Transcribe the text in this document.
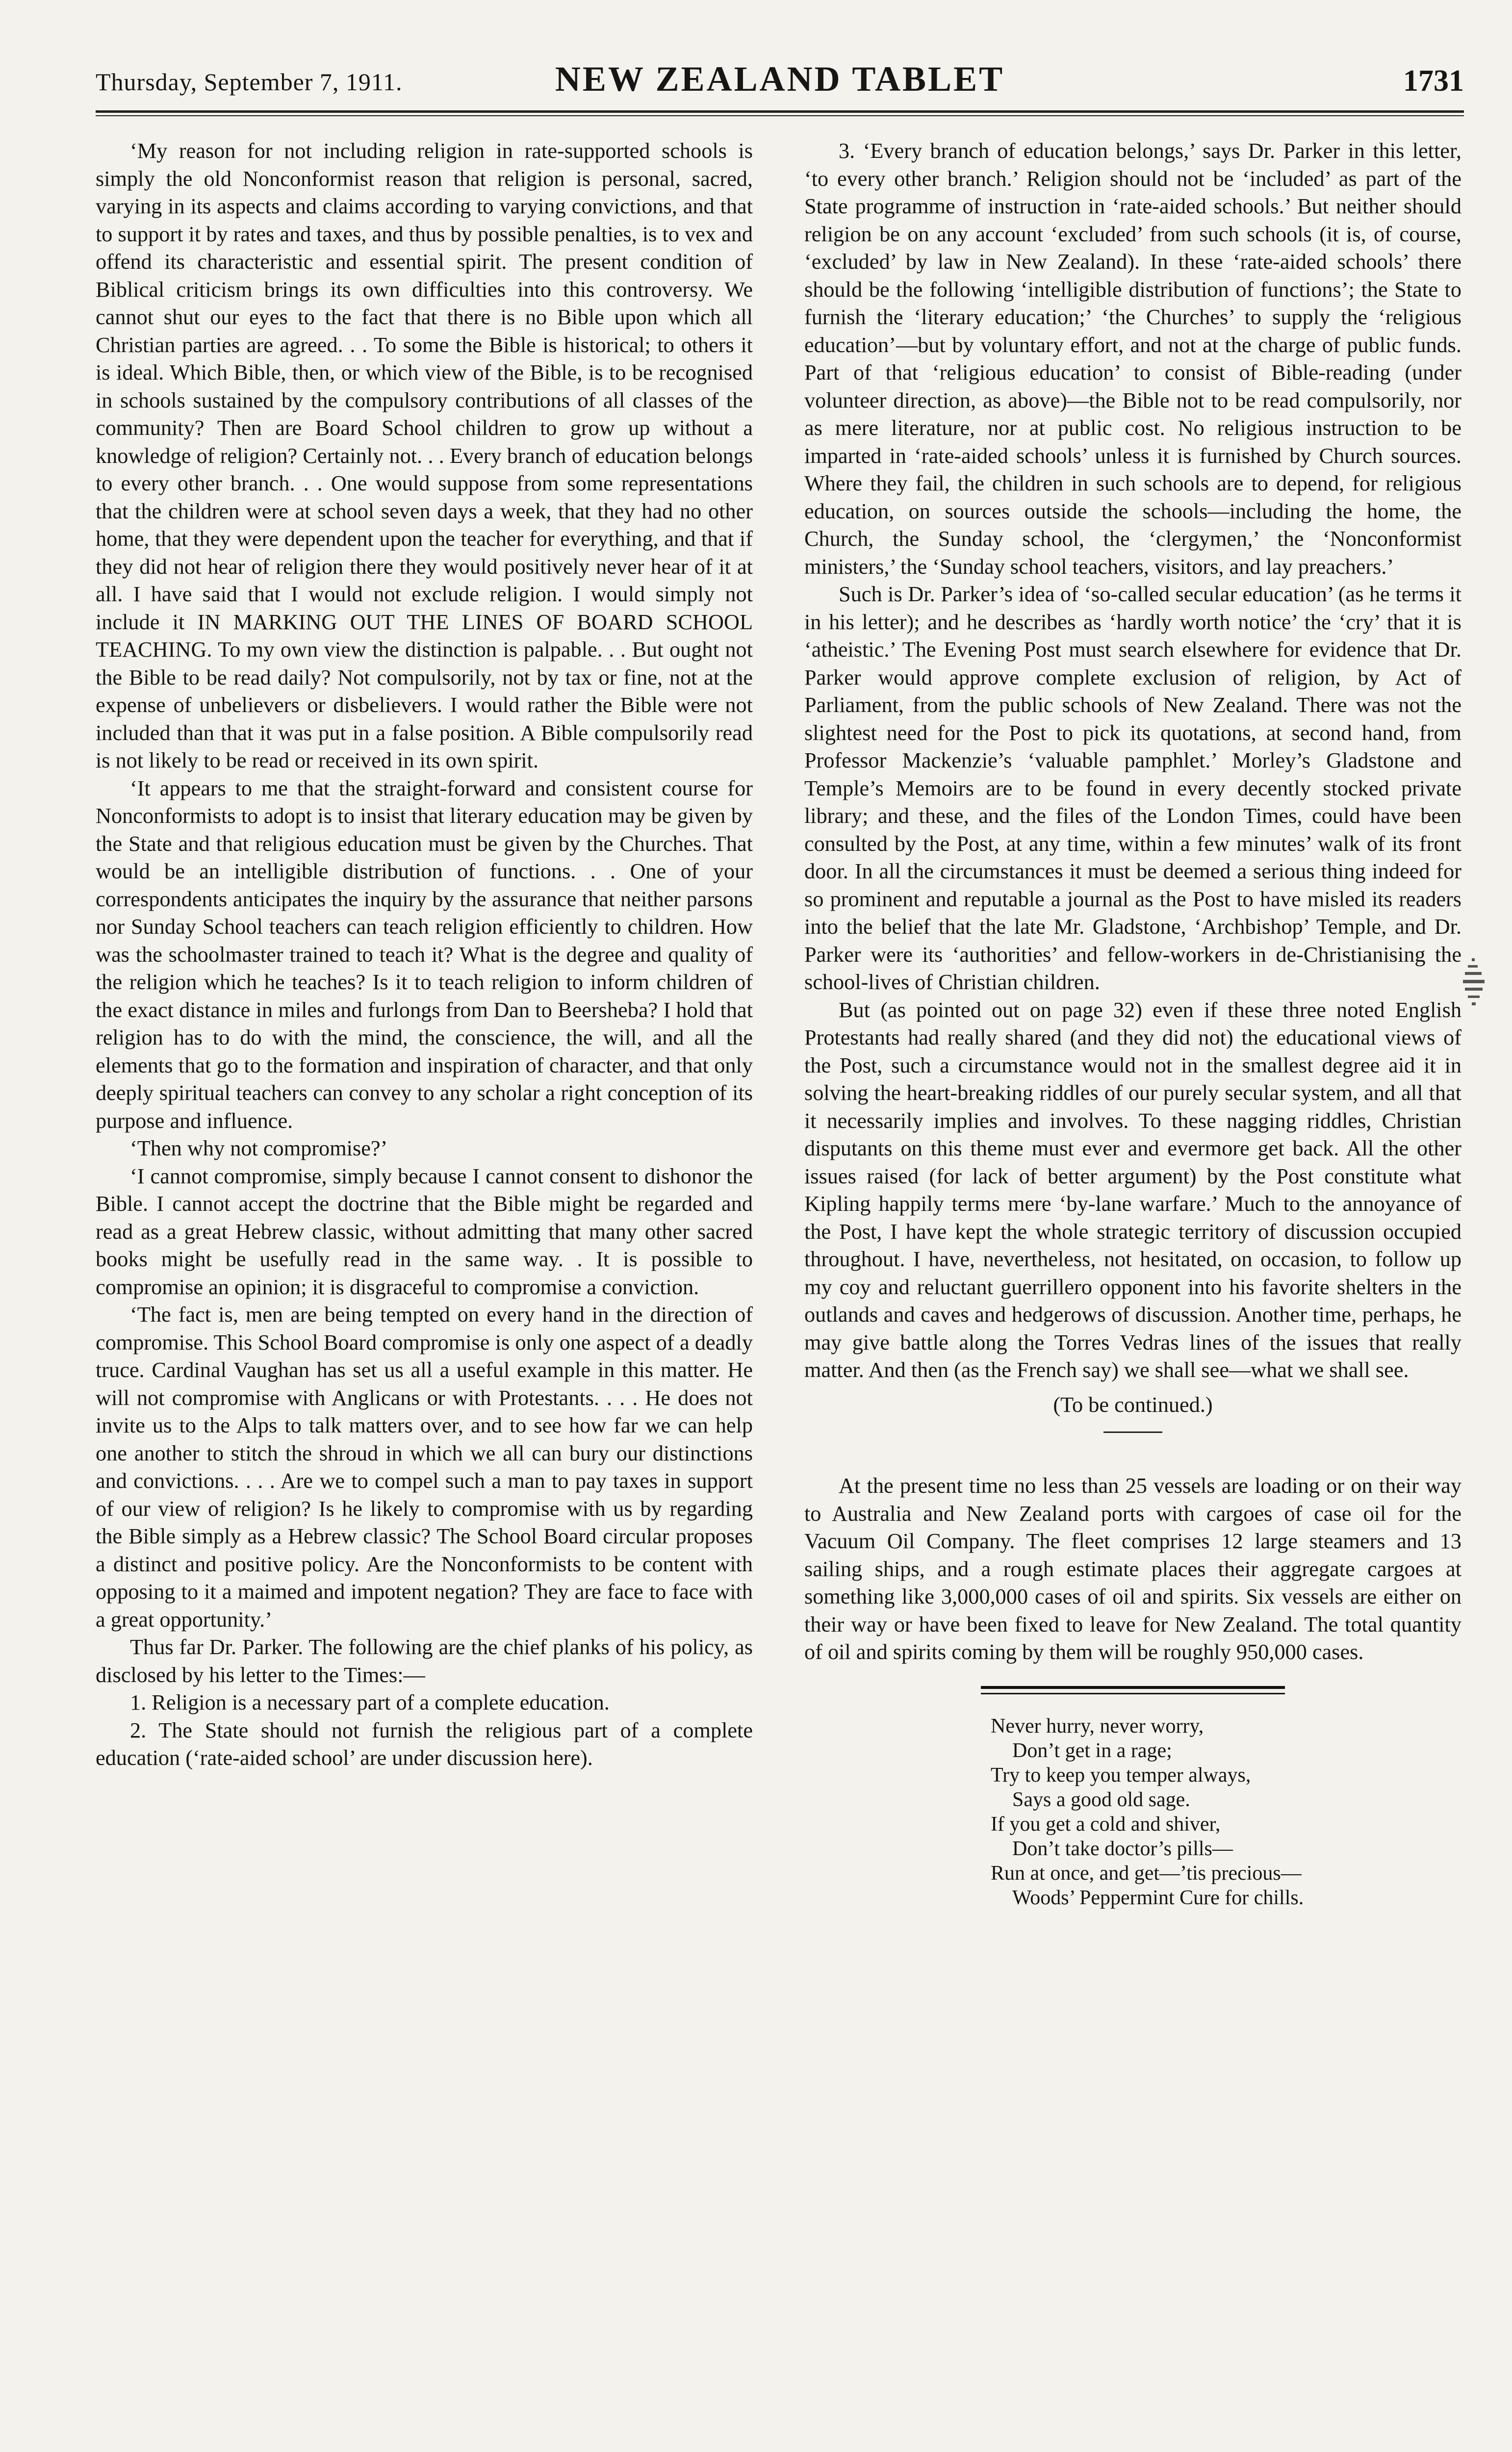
Thursday, September 7, 1911.	NEW ZEALAND TABLET	1731

‘My reason for not including religion in rate-supported schools is simply the old Nonconformist reason that religion is personal, sacred, varying in its aspects and claims according to varying convictions, and that to support it by rates and taxes, and thus by possible penalties, is to vex and offend its characteristic and essential spirit. The present condition of Biblical criticism brings its own difficulties into this controversy. We cannot shut our eyes to the fact that there is no Bible upon which all Christian parties are agreed. . . To some the Bible is historical; to others it is ideal. Which Bible, then, or which view of the Bible, is to be recognised in schools sustained by the compulsory contributions of all classes of the community? Then are Board School children to grow up without a knowledge of religion? Certainly not. . . Every branch of education belongs to every other branch. . . One would suppose from some representations that the children were at school seven days a week, that they had no other home, that they were dependent upon the teacher for everything, and that if they did not hear of religion there they would positively never hear of it at all. I have said that I would not exclude religion. I would simply not include it IN MARKING OUT THE LINES OF BOARD SCHOOL TEACHING. To my own view the distinction is palpable. . . But ought not the Bible to be read daily? Not compulsorily, not by tax or fine, not at the expense of unbelievers or disbelievers. I would rather the Bible were not included than that it was put in a false position. A Bible compulsorily read is not likely to be read or received in its own spirit.

‘It appears to me that the straight-forward and consistent course for Nonconformists to adopt is to insist that literary education may be given by the State and that religious education must be given by the Churches. That would be an intelligible distribution of functions. . . One of your correspondents anticipates the inquiry by the assurance that neither parsons nor Sunday School teachers can teach religion efficiently to children. How was the schoolmaster trained to teach it? What is the degree and quality of the religion which he teaches? Is it to teach religion to inform children of the exact distance in miles and furlongs from Dan to Beersheba? I hold that religion has to do with the mind, the conscience, the will, and all the elements that go to the formation and inspiration of character, and that only deeply spiritual teachers can convey to any scholar a right conception of its purpose and influence.

‘Then why not compromise?’

‘I cannot compromise, simply because I cannot consent to dishonor the Bible. I cannot accept the doctrine that the Bible might be regarded and read as a great Hebrew classic, without admitting that many other sacred books might be usefully read in the same way. . It is possible to compromise an opinion; it is disgraceful to compromise a conviction.

‘The fact is, men are being tempted on every hand in the direction of compromise. This School Board compromise is only one aspect of a deadly truce. Cardinal Vaughan has set us all a useful example in this matter. He will not compromise with Anglicans or with Protestants. . . . He does not invite us to the Alps to talk matters over, and to see how far we can help one another to stitch the shroud in which we all can bury our distinctions and convictions. . . . Are we to compel such a man to pay taxes in support of our view of religion? Is he likely to compromise with us by regarding the Bible simply as a Hebrew classic? The School Board circular proposes a distinct and positive policy. Are the Nonconformists to be content with opposing to it a maimed and impotent negation? They are face to face with a great opportunity.’

Thus far Dr. Parker. The following are the chief planks of his policy, as disclosed by his letter to the Times:—

1. Religion is a necessary part of a complete education.

2. The State should not furnish the religious part of a complete education (‘rate-aided school’ are under discussion here).

3. ‘Every branch of education belongs,’ says Dr. Parker in this letter, ‘to every other branch.’ Religion should not be ‘included’ as part of the State programme of instruction in ‘rate-aided schools.’ But neither should religion be on any account ‘excluded’ from such schools (it is, of course, ‘excluded’ by law in New Zealand). In these ‘rate-aided schools’ there should be the following ‘intelligible distribution of functions’; the State to furnish the ‘literary education;’ ‘the Churches’ to supply the ‘religious education’—but by voluntary effort, and not at the charge of public funds. Part of that ‘religious education’ to consist of Bible-reading (under volunteer direction, as above)—the Bible not to be read compulsorily, nor as mere literature, nor at public cost. No religious instruction to be imparted in ‘rate-aided schools’ unless it is furnished by Church sources. Where they fail, the children in such schools are to depend, for religious education, on sources outside the schools—including the home, the Church, the Sunday school, the ‘clergymen,’ the ‘Nonconformist ministers,’ the ‘Sunday school teachers, visitors, and lay preachers.’

Such is Dr. Parker’s idea of ‘so-called secular education’ (as he terms it in his letter); and he describes as ‘hardly worth notice’ the ‘cry’ that it is ‘atheistic.’ The Evening Post must search elsewhere for evidence that Dr. Parker would approve complete exclusion of religion, by Act of Parliament, from the public schools of New Zealand. There was not the slightest need for the Post to pick its quotations, at second hand, from Professor Mackenzie’s ‘valuable pamphlet.’ Morley’s Gladstone and Temple’s Memoirs are to be found in every decently stocked private library; and these, and the files of the London Times, could have been consulted by the Post, at any time, within a few minutes’ walk of its front door. In all the circumstances it must be deemed a serious thing indeed for so prominent and reputable a journal as the Post to have misled its readers into the belief that the late Mr. Gladstone, ‘Archbishop’ Temple, and Dr. Parker were its ‘authorities’ and fellow-workers in de-Christianising the school-lives of Christian children.

But (as pointed out on page 32) even if these three noted English Protestants had really shared (and they did not) the educational views of the Post, such a circumstance would not in the smallest degree aid it in solving the heart-breaking riddles of our purely secular system, and all that it necessarily implies and involves. To these nagging riddles, Christian disputants on this theme must ever and evermore get back. All the other issues raised (for lack of better argument) by the Post constitute what Kipling happily terms mere ‘by-lane warfare.’ Much to the annoyance of the Post, I have kept the whole strategic territory of discussion occupied throughout. I have, nevertheless, not hesitated, on occasion, to follow up my coy and reluctant guerrillero opponent into his favorite shelters in the outlands and caves and hedgerows of discussion. Another time, perhaps, he may give battle along the Torres Vedras lines of the issues that really matter. And then (as the French say) we shall see—what we shall see.

(To be continued.)

At the present time no less than 25 vessels are loading or on their way to Australia and New Zealand ports with cargoes of case oil for the Vacuum Oil Company. The fleet comprises 12 large steamers and 13 sailing ships, and a rough estimate places their aggregate cargoes at something like 3,000,000 cases of oil and spirits. Six vessels are either on their way or have been fixed to leave for New Zealand. The total quantity of oil and spirits coming by them will be roughly 950,000 cases.

Never hurry, never worry,
Don’t get in a rage;
Try to keep you temper always,
Says a good old sage.
If you get a cold and shiver,
Don’t take doctor’s pills—
Run at once, and get—’tis precious—
Woods’ Peppermint Cure for chills.
